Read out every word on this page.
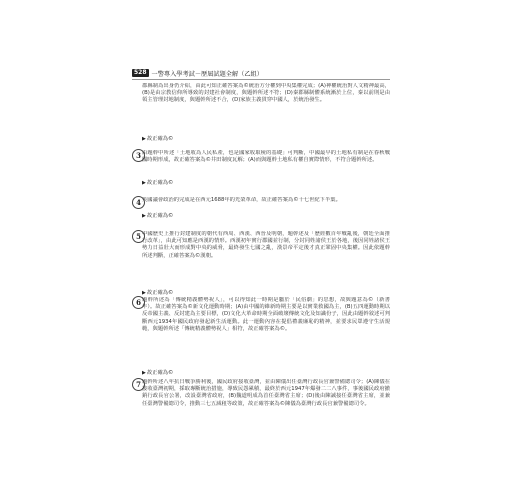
528 一警專入學考試－歷屆試題全解（乙組）
郡縣制為出身仍介紹，由此可知正確答案為©統治方分權到中央集權完成；(A)神權統治對人文精神最高，(B)是由宗教信仰所導致的封建社會制度，與題幹所述不符；(D)秦郡縣制體系統漸於上位，秦以前則是由領主管理封地制度，與題幹所述不合，(D)家族主義貫穿中國人，於統治發生。
▶ 故正確為©
3 由題幹中所述「土地收為人民私產，也是國家收取稅的基礎」可判斷，中國最早的土地私有制是在春秋戰國時期形成，故正確答案為©井田制度瓦解；(A)而與題幹土地私有權自實際情形，不符合題幹所述。
▶ 故正確為©
4 英國議會政治的完成是在西元1688年的光榮革命，故正確答案為©十七世紀下半葉。
▶ 故正確為©
5 中國歷史上推行封建制度的朝代有西周、西漢、西晉及明朝，題幹述及「歷經數百年戰亂後，朝廷全面推行改革」，由此可知應是西漢的情形。西漢初年實行郡國並行制，分封同姓諸侯王於各地，後因同姓諸侯王勢力日益壯大而形成對中央的威脅，最終發生七國之亂，漢景帝平定後才真正鞏固中央集權。因此依題幹所述判斷，正確答案為©漢朝。
▶ 故正確為©
6 題幹所述為「傳統精義體勢祝人」，可以得知此一時期是屬於「民俗劇」的思想，故與題意為©（新書年）。故正確答案為©新文化運動時期；(A)由中國的維新時期主要是以實業救國為主，(B)五四運動時期以反帝國主義、反封建為主要目標，(D)文化大革命時期全面破壞傳統文化及知識份子，因此由題幹敘述可判斷西元1934年國民政府發起新生活運動。此一運動內容在提倡禮義廉恥的精神，並要求民眾遵守生活規範，與題幹所述「傳統精義體勢祝人」相符，故正確答案為©。
▶ 故正確為©
7 題幹所述八年抗日戰爭勝利後，國民政府接收臺灣，並由陳儀出任臺灣行政長官兼警備總司令；(A)陳儀在接收臺灣初期，採取專斷統治措施，導致民怨累積，最終於西元1947年爆發二二八事件，事後國民政府撤銷行政長官公署，改設臺灣省政府，(B)魏道明成為首任臺灣省主席；(D)後由陳誠接任臺灣省主席，並兼任臺灣警備總司令，推動三七五減租等政策，故正確答案為©陳儀為臺灣行政長官兼警備總司令。
